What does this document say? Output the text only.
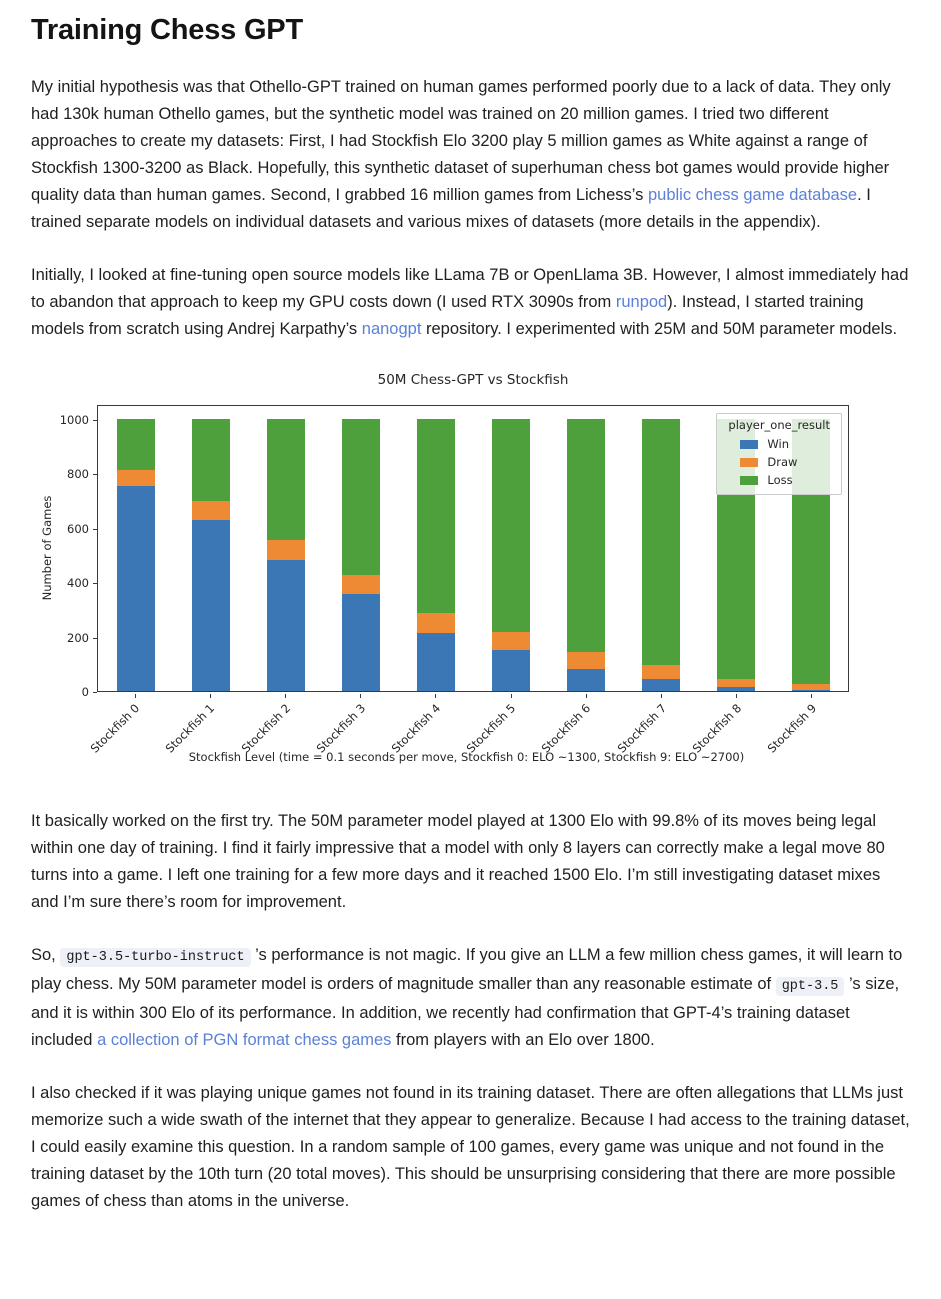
Training Chess GPT

My initial hypothesis was that Othello-GPT trained on human games performed poorly due to a lack of data. They only had 130k human Othello games, but the synthetic model was trained on 20 million games. I tried two different approaches to create my datasets: First, I had Stockfish Elo 3200 play 5 million games as White against a range of Stockfish 1300-3200 as Black. Hopefully, this synthetic dataset of superhuman chess bot games would provide higher quality data than human games. Second, I grabbed 16 million games from Lichess’s public chess game database. I trained separate models on individual datasets and various mixes of datasets (more details in the appendix).

Initially, I looked at fine-tuning open source models like LLama 7B or OpenLlama 3B. However, I almost immediately had to abandon that approach to keep my GPU costs down (I used RTX 3090s from runpod). Instead, I started training models from scratch using Andrej Karpathy’s nanogpt repository. I experimented with 25M and 50M parameter models.

50M Chess-GPT vs Stockfish
Number of Games
player_one_result
Win
Draw
Loss
Stockfish Level (time = 0.1 seconds per move, Stockfish 0: ELO ~1300, Stockfish 9: ELO ~2700)
0
200
400
600
800
1000
Stockfish 0 Stockfish 1 Stockfish 2 Stockfish 3 Stockfish 4 Stockfish 5 Stockfish 6 Stockfish 7 Stockfish 8 Stockfish 9

It basically worked on the first try. The 50M parameter model played at 1300 Elo with 99.8% of its moves being legal within one day of training. I find it fairly impressive that a model with only 8 layers can correctly make a legal move 80 turns into a game. I left one training for a few more days and it reached 1500 Elo. I’m still investigating dataset mixes and I’m sure there’s room for improvement.

So, gpt-3.5-turbo-instruct ’s performance is not magic. If you give an LLM a few million chess games, it will learn to play chess. My 50M parameter model is orders of magnitude smaller than any reasonable estimate of gpt-3.5 ’s size, and it is within 300 Elo of its performance. In addition, we recently had confirmation that GPT-4’s training dataset included a collection of PGN format chess games from players with an Elo over 1800.

I also checked if it was playing unique games not found in its training dataset. There are often allegations that LLMs just memorize such a wide swath of the internet that they appear to generalize. Because I had access to the training dataset, I could easily examine this question. In a random sample of 100 games, every game was unique and not found in the training dataset by the 10th turn (20 total moves). This should be unsurprising considering that there are more possible games of chess than atoms in the universe.
